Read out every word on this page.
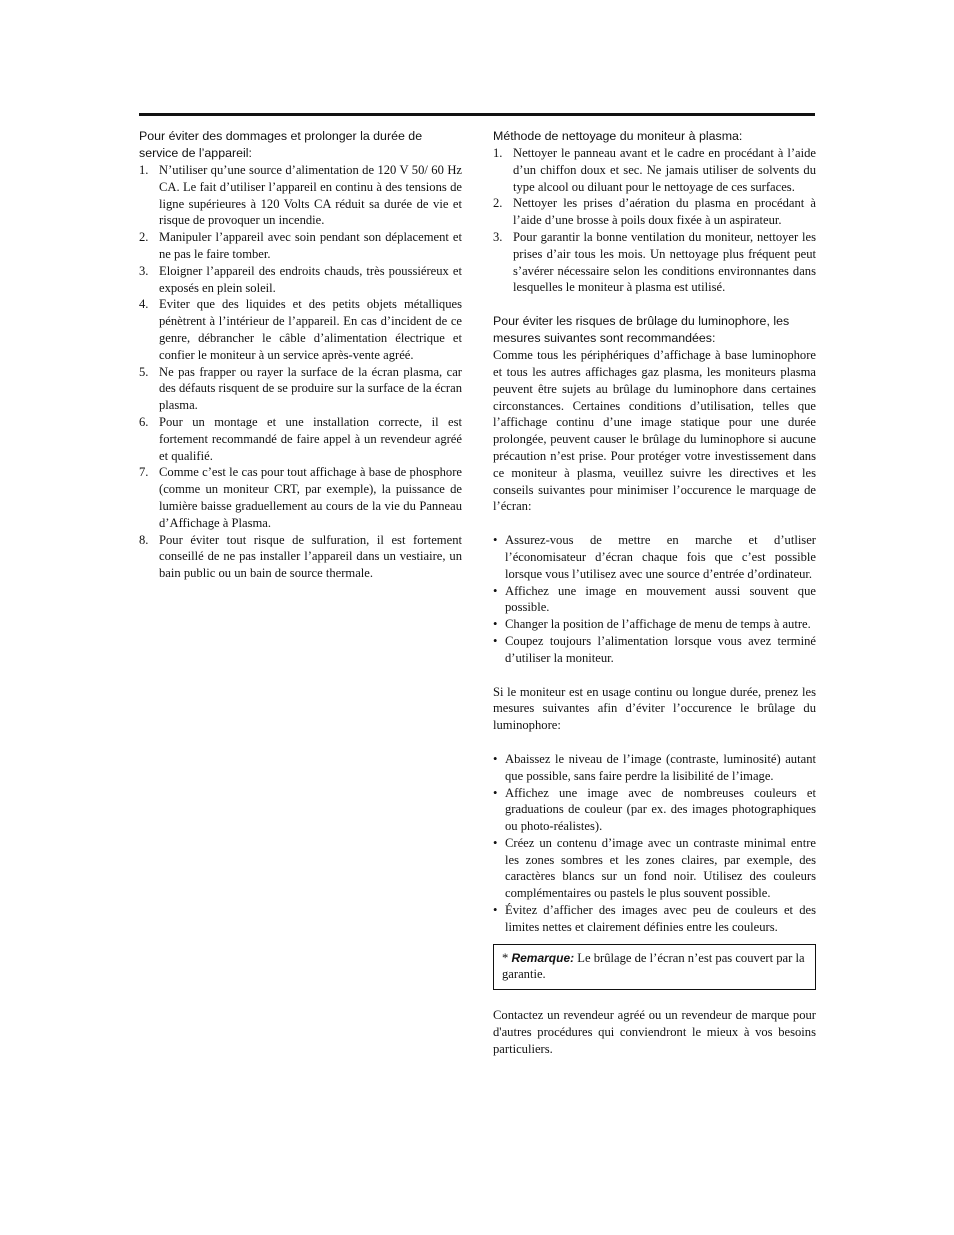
Pour éviter des dommages et prolonger la durée de service de l’appareil:

1. N’utiliser qu’une source d’alimentation de 120 V 50/ 60 Hz CA. Le fait d’utiliser l’appareil en continu à des tensions de ligne supérieures à 120 Volts CA réduit sa durée de vie et risque de provoquer un incendie.
2. Manipuler l’appareil avec soin pendant son déplacement et ne pas le faire tomber.
3. Eloigner l’appareil des endroits chauds, très poussiéreux et exposés en plein soleil.
4. Eviter que des liquides et des petits objets métalliques pénètrent à l’intérieur de l’appareil. En cas d’incident de ce genre, débrancher le câble d’alimentation électrique et confier le moniteur à un service après-vente agréé.
5. Ne pas frapper ou rayer la surface de la écran plasma, car des défauts risquent de se produire sur la surface de la écran plasma.
6. Pour un montage et une installation correcte, il est fortement recommandé de faire appel à un revendeur agréé et qualifié.
7. Comme c’est le cas pour tout affichage à base de phosphore (comme un moniteur CRT, par exemple), la puissance de lumière baisse graduellement au cours de la vie du Panneau d’Affichage à Plasma.
8. Pour éviter tout risque de sulfuration, il est fortement conseillé de ne pas installer l’appareil dans un vestiaire, un bain public ou un bain de source thermale.

Méthode de nettoyage du moniteur à plasma:

1. Nettoyer le panneau avant et le cadre en procédant à l’aide d’un chiffon doux et sec. Ne jamais utiliser de solvents du type alcool ou diluant pour le nettoyage de ces surfaces.
2. Nettoyer les prises d’aération du plasma en procédant à l’aide d’une brosse à poils doux fixée à un aspirateur.
3. Pour garantir la bonne ventilation du moniteur, nettoyer les prises d’air tous les mois. Un nettoyage plus fréquent peut s’avérer nécessaire selon les conditions environnantes dans lesquelles le moniteur à plasma est utilisé.

Pour éviter les risques de brûlage du luminophore, les mesures suivantes sont recommandées:

Comme tous les périphériques d’affichage à base luminophore et tous les autres affichages gaz plasma, les moniteurs plasma peuvent être sujets au brûlage du luminophore dans certaines circonstances. Certaines conditions d’utilisation, telles que l’affichage continu d’une image statique pour une durée prolongée, peuvent causer le brûlage du luminophore si aucune précaution n’est prise. Pour protéger votre investissement dans ce moniteur à plasma, veuillez suivre les directives et les conseils suivantes pour minimiser l’occurence le marquage de l’écran:

• Assurez-vous de mettre en marche et d’utliser l’économisateur d’écran chaque fois que c’est possible lorsque vous l’utilisez avec une source d’entrée d’ordinateur.
• Affichez une image en mouvement aussi souvent que possible.
• Changer la position de l’affichage de menu de temps à autre.
• Coupez toujours l’alimentation lorsque vous avez terminé d’utiliser la moniteur.

Si le moniteur est en usage continu ou longue durée, prenez les mesures suivantes afin d’éviter l’occurence le brûlage du luminophore:

• Abaissez le niveau de l’image (contraste, luminosité) autant que possible, sans faire perdre la lisibilité de l’image.
• Affichez une image avec de nombreuses couleurs et graduations de couleur (par ex. des images photographiques ou photo-réalistes).
• Créez un contenu d’image avec un contraste minimal entre les zones sombres et les zones claires, par exemple, des caractères blancs sur un fond noir. Utilisez des couleurs complémentaires ou pastels le plus souvent possible.
• Évitez d’afficher des images avec peu de couleurs et des limites nettes et clairement définies entre les couleurs.
* Remarque: Le brûlage de l’écran n’est pas couvert par la garantie.

Contactez un revendeur agréé ou un revendeur de marque pour d'autres procédures qui conviendront le mieux à vos besoins particuliers.
